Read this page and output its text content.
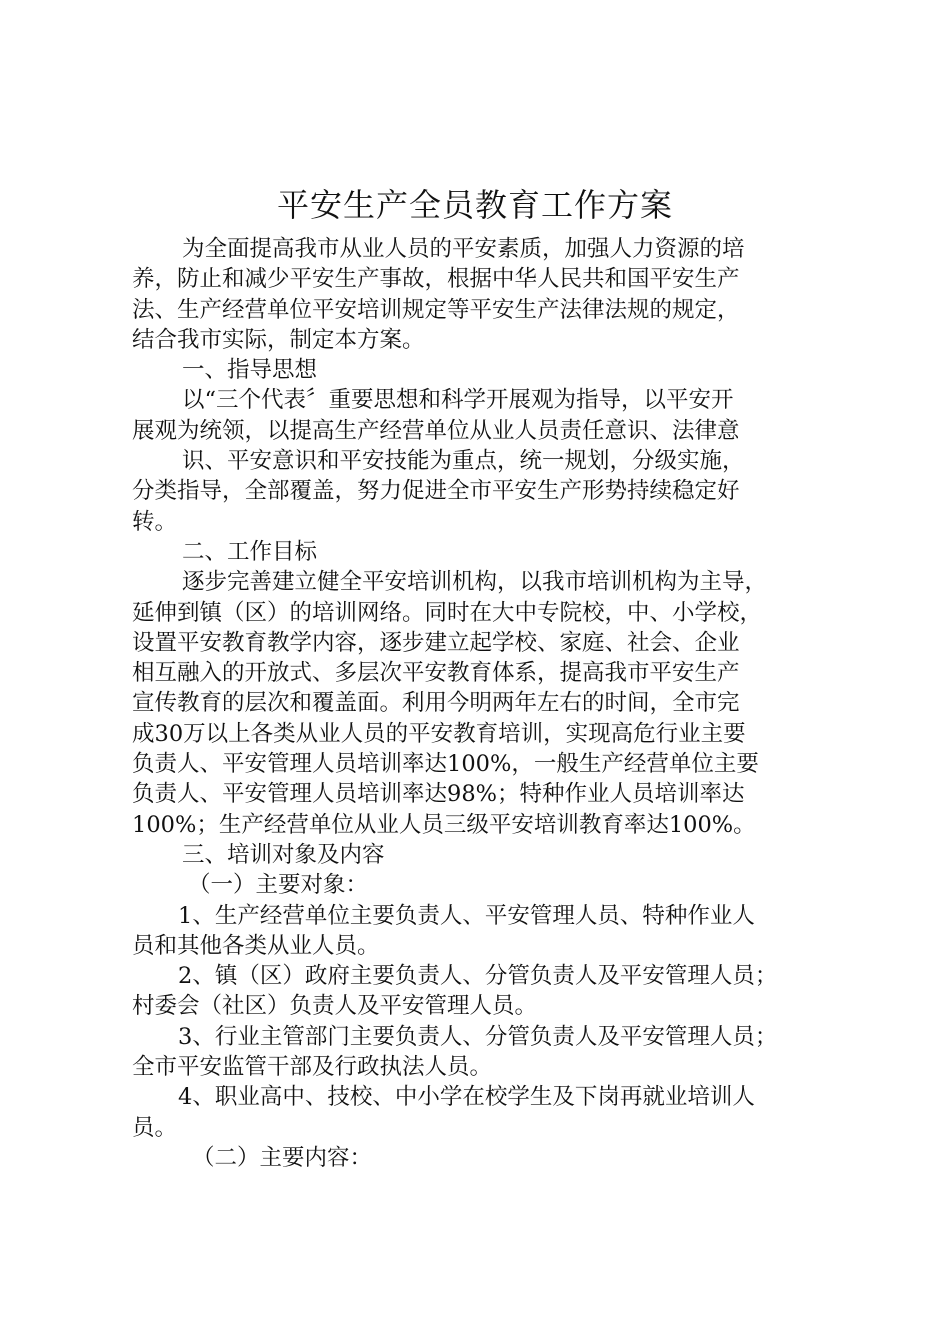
平安生产全员教育工作方案
为全面提高我市从业人员的平安素质，加强人力资源的培
养，防止和减少平安生产事故，根据中华人民共和国平安生产
法、生产经营单位平安培训规定等平安生产法律法规的规定，
结合我市实际，制定本方案。
一、指导思想
以“三个代表〞重要思想和科学开展观为指导，以平安开
展观为统领，以提高生产经营单位从业人员责任意识、法律意
识、平安意识和平安技能为重点，统一规划，分级实施，
分类指导，全部覆盖，努力促进全市平安生产形势持续稳定好
转。
二、工作目标
逐步完善建立健全平安培训机构，以我市培训机构为主导，
延伸到镇（区）的培训网络。同时在大中专院校，中、小学校，
设置平安教育教学内容，逐步建立起学校、家庭、社会、企业
相互融入的开放式、多层次平安教育体系，提高我市平安生产
宣传教育的层次和覆盖面。利用今明两年左右的时间，全市完
成30万以上各类从业人员的平安教育培训，实现高危行业主要
负责人、平安管理人员培训率达100%，一般生产经营单位主要
负责人、平安管理人员培训率达98%；特种作业人员培训率达
100%；生产经营单位从业人员三级平安培训教育率达100%。
三、培训对象及内容
（一）主要对象：
1、生产经营单位主要负责人、平安管理人员、特种作业人
员和其他各类从业人员。
2、镇（区）政府主要负责人、分管负责人及平安管理人员；
村委会（社区）负责人及平安管理人员。
3、行业主管部门主要负责人、分管负责人及平安管理人员；
全市平安监管干部及行政执法人员。
4、职业高中、技校、中小学在校学生及下岗再就业培训人
员。
（二）主要内容：
